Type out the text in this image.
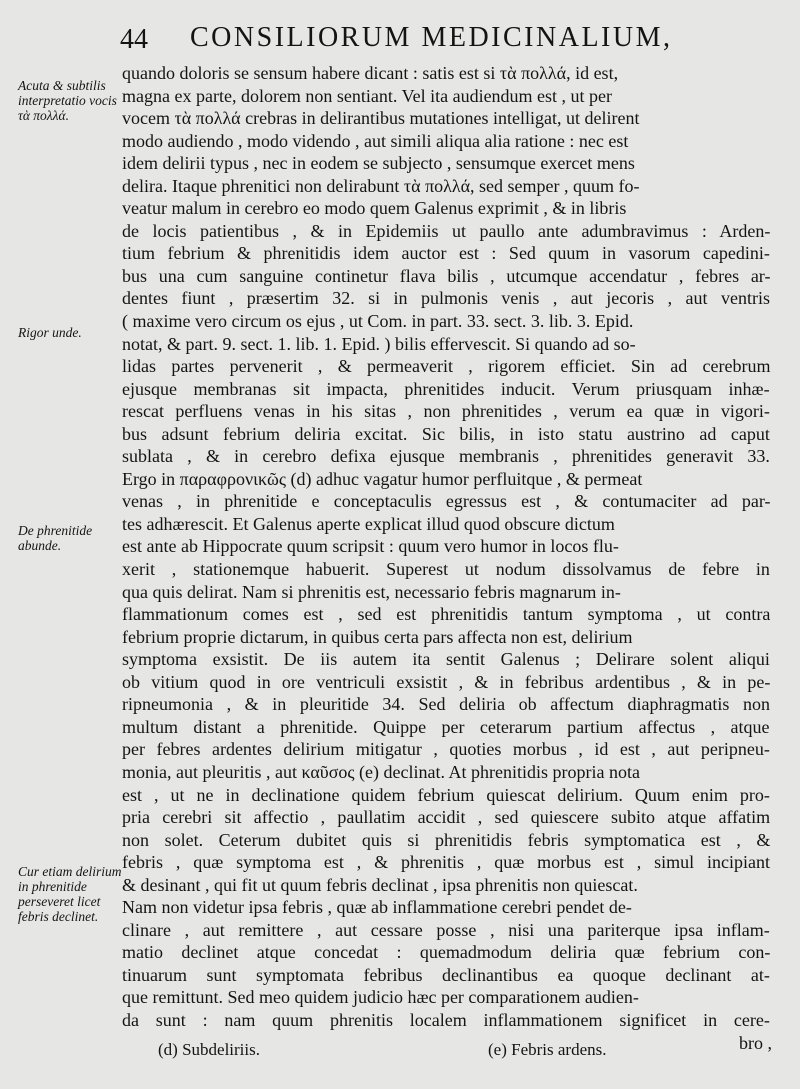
44 CONSILIORUM MEDICINALIUM,
Acuta & subtilis interpretatio vocis τὰ πολλά.
Rigor unde.
De phrenitide abunde.
Cur etiam delirium in phrenitide perseveret licet febris declinet.
quando doloris se sensum habere dicant : satis est si τὰ πολλά, id est,
magna ex parte, dolorem non sentiant. Vel ita audiendum est , ut per
vocem τὰ πολλά crebras in delirantibus mutationes intelligat, ut delirent
modo audiendo , modo videndo , aut simili aliqua alia ratione : nec est
idem delirii typus , nec in eodem se subjecto , sensumque exercet mens
delira. Itaque phrenitici non delirabunt τὰ πολλά, sed semper , quum fo-
veatur malum in cerebro eo modo quem Galenus exprimit , & in libris
de locis patientibus , & in Epidemiis ut paullo ante adumbravimus : Arden-
tium febrium & phrenitidis idem auctor est : Sed quum in vasorum capedini-
bus una cum sanguine continetur flava bilis , utcumque accendatur , febres ar-
dentes fiunt , præsertim 32. si in pulmonis venis , aut jecoris , aut ventris
( maxime vero circum os ejus , ut Com. in part. 33. sect. 3. lib. 3. Epid.
notat, & part. 9. sect. 1. lib. 1. Epid. ) bilis effervescit. Si quando ad so-
lidas partes pervenerit , & permeaverit , rigorem efficiet. Sin ad cerebrum
ejusque membranas sit impacta, phrenitides inducit. Verum priusquam inhæ-
rescat perfluens venas in his sitas , non phrenitides , verum ea quæ in vigori-
bus adsunt febrium deliria excitat. Sic bilis, in isto statu austrino ad caput
sublata , & in cerebro defixa ejusque membranis , phrenitides generavit 33.
Ergo in παραφρονικῶς (d) adhuc vagatur humor perfluitque , & permeat
venas , in phrenitide e conceptaculis egressus est , & contumaciter ad par-
tes adhærescit. Et Galenus aperte explicat illud quod obscure dictum
est ante ab Hippocrate quum scripsit : quum vero humor in locos flu-
xerit , stationemque habuerit. Superest ut nodum dissolvamus de febre in
qua quis delirat. Nam si phrenitis est, necessario febris magnarum in-
flammationum comes est , sed est phrenitidis tantum symptoma , ut contra
febrium proprie dictarum, in quibus certa pars affecta non est, delirium
symptoma exsistit. De iis autem ita sentit Galenus ; Delirare solent aliqui
ob vitium quod in ore ventriculi exsistit , & in febribus ardentibus , & in pe-
ripneumonia , & in pleuritide 34. Sed deliria ob affectum diaphragmatis non
multum distant a phrenitide. Quippe per ceterarum partium affectus , atque
per febres ardentes delirium mitigatur , quoties morbus , id est , aut peripneu-
monia, aut pleuritis , aut καῦσος (e) declinat. At phrenitidis propria nota
est , ut ne in declinatione quidem febrium quiescat delirium. Quum enim pro-
pria cerebri sit affectio , paullatim accidit , sed quiescere subito atque affatim
non solet. Ceterum dubitet quis si phrenitidis febris symptomatica est , &
febris , quæ symptoma est , & phrenitis , quæ morbus est , simul incipiant
& desinant , qui fit ut quum febris declinat , ipsa phrenitis non quiescat.
Nam non videtur ipsa febris , quæ ab inflammatione cerebri pendet de-
clinare , aut remittere , aut cessare posse , nisi una pariterque ipsa inflam-
matio declinet atque concedat : quemadmodum deliria quæ febrium con-
tinuarum sunt symptomata febribus declinantibus ea quoque declinant at-
que remittunt. Sed meo quidem judicio hæc per comparationem audien-
da sunt : nam quum phrenitis localem inflammationem significet in cere-
bro ,
(d) Subdeliriis.	(e) Febris ardens.
